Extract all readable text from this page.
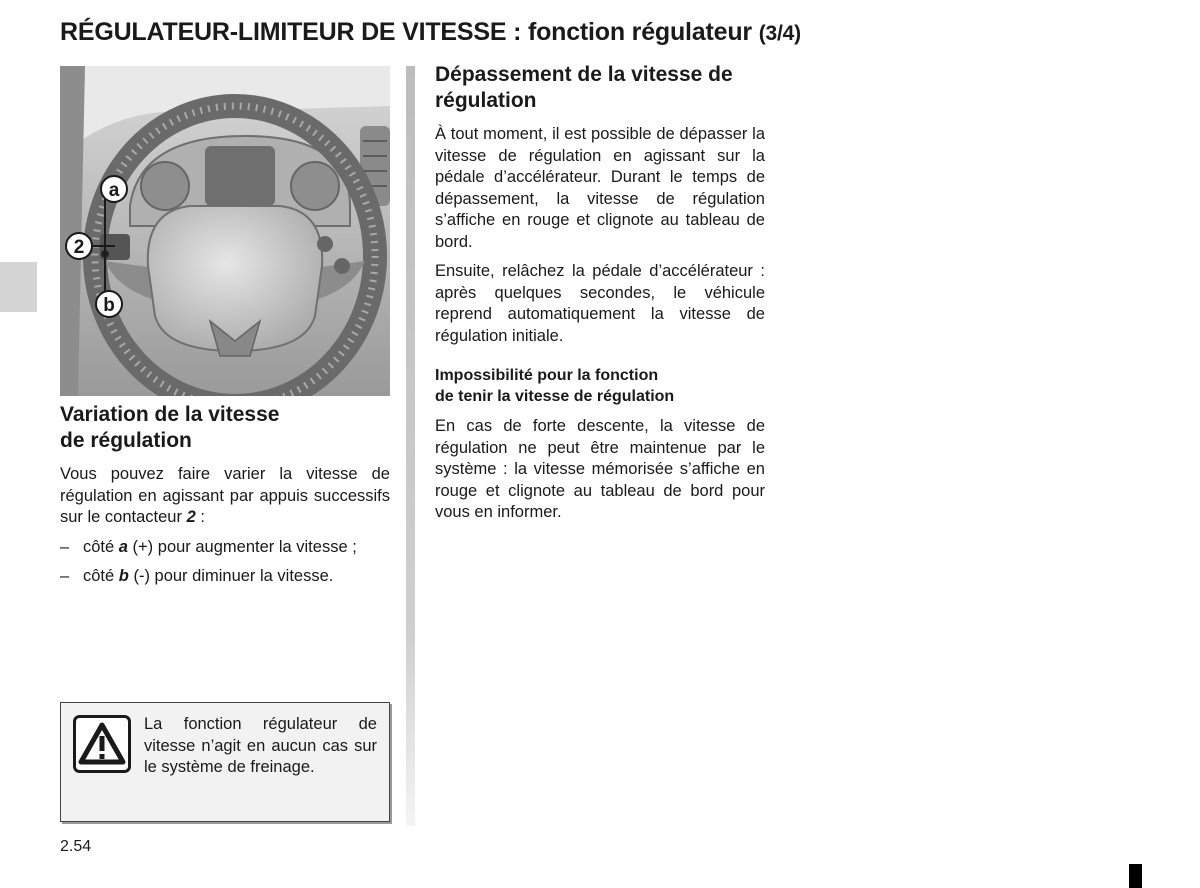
RÉGULATEUR-LIMITEUR DE VITESSE : fonction régulateur (3/4)
a
2
b
Variation de la vitesse
de régulation

Vous pouvez faire varier la vitesse de régulation en agissant par appuis successifs sur le contacteur 2 :

– côté a (+) pour augmenter la vitesse ;
– côté b (-) pour diminuer la vitesse.
Dépassement de la vitesse de
régulation

À tout moment, il est possible de dépasser la vitesse de régulation en agissant sur la pédale d’accélérateur. Durant le temps de dépassement, la vitesse de régulation s’affiche en rouge et clignote au tableau de bord.

Ensuite, relâchez la pédale d’accélérateur : après quelques secondes, le véhicule reprend automatiquement la vitesse de régulation initiale.

Impossibilité pour la fonction
de tenir la vitesse de régulation

En cas de forte descente, la vitesse de régulation ne peut être maintenue par le système : la vitesse mémorisée s’affiche en rouge et clignote au tableau de bord pour vous en informer.

La fonction régulateur de vitesse n’agit en aucun cas sur le système de freinage.

2.54
